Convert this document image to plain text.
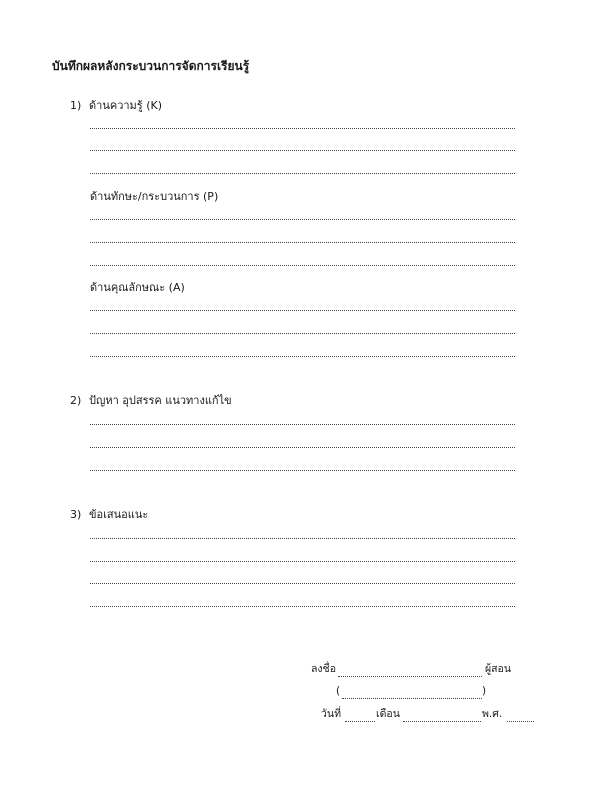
บันทึกผลหลังกระบวนการจัดการเรียนรู้
1) ด้านความรู้ (K)
ด้านทักษะ/กระบวนการ (P)
ด้านคุณลักษณะ (A)
2) ปัญหา อุปสรรค แนวทางแก้ไข
3) ข้อเสนอแนะ
ลงชื่อ	ผู้สอน
(	)
วันที่	เดือน	พ.ศ.
